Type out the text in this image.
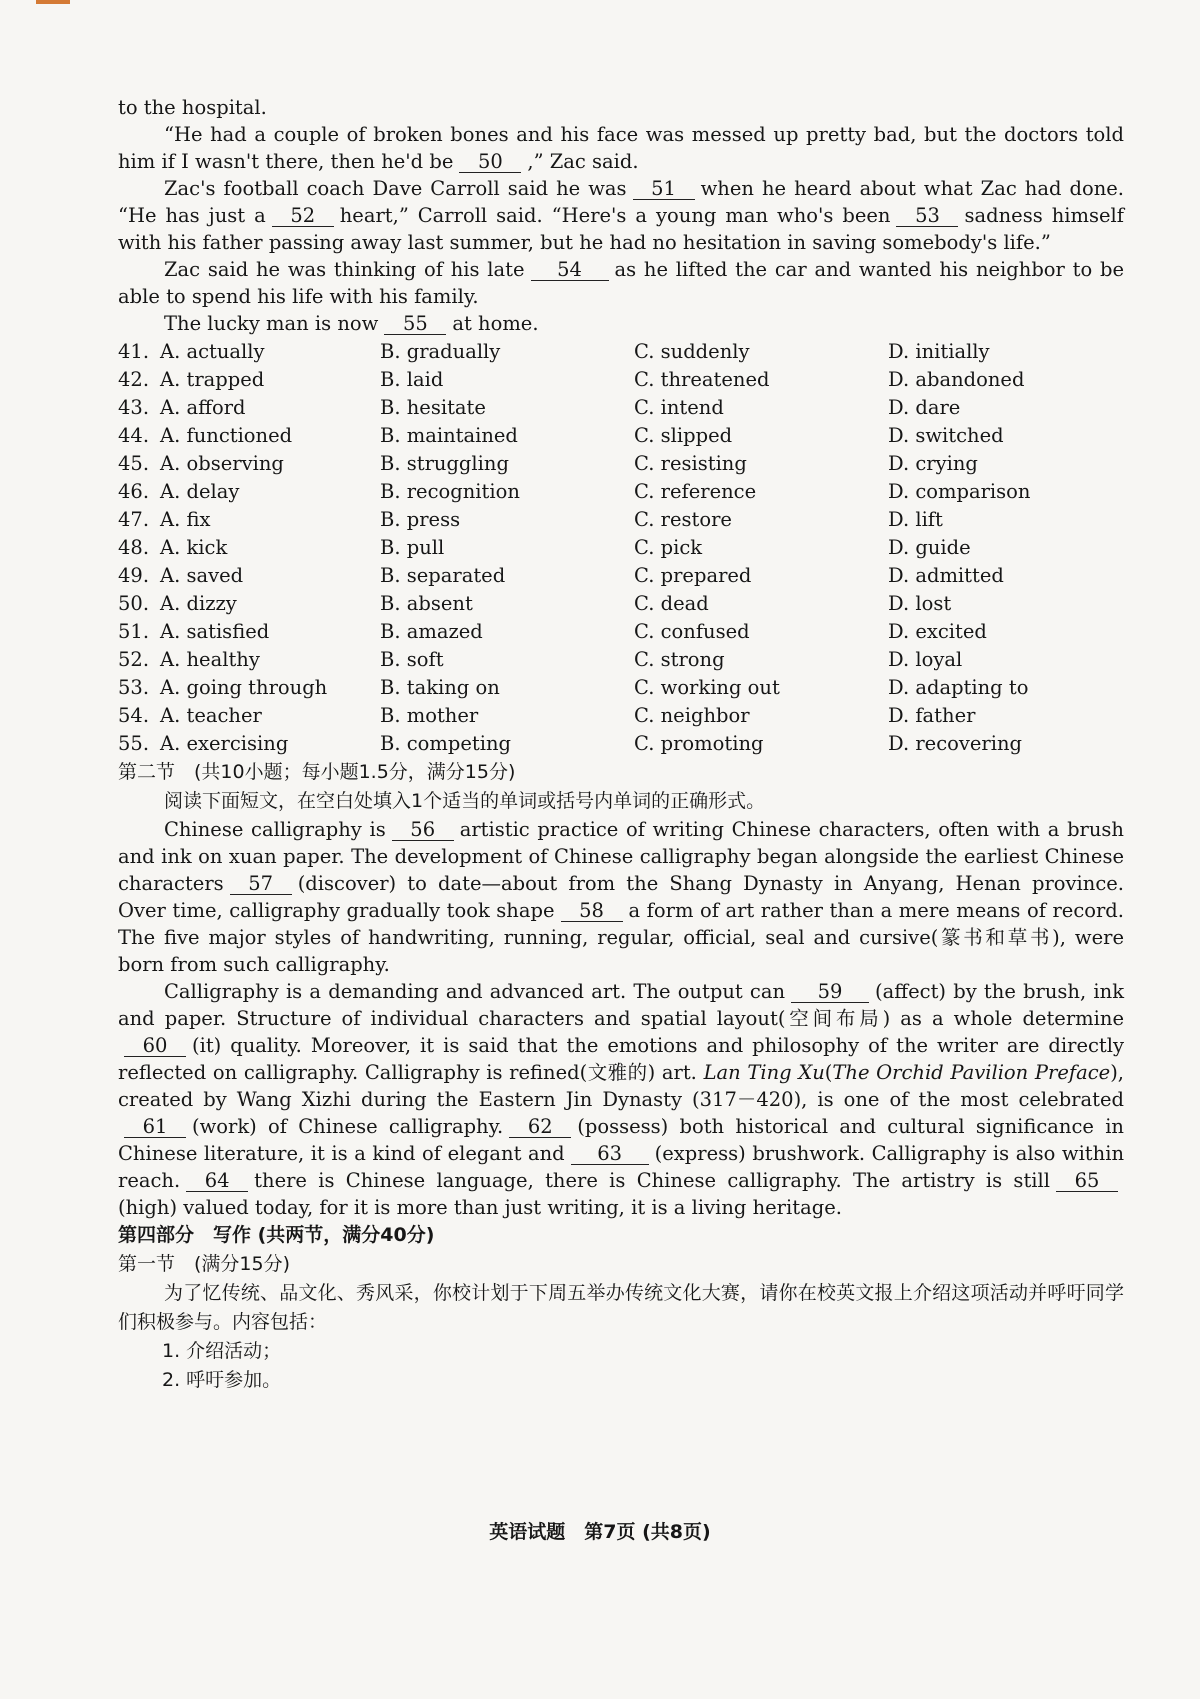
to the hospital.

“He had a couple of broken bones and his face was messed up pretty bad, but the doctors told him if I wasn't there, then he'd be 50 ,” Zac said.

Zac's football coach Dave Carroll said he was 51 when he heard about what Zac had done. “He has just a 52 heart,” Carroll said. “Here's a young man who's been 53 sadness himself with his father passing away last summer, but he had no hesitation in saving somebody's life.”

Zac said he was thinking of his late 54 as he lifted the car and wanted his neighbor to be able to spend his life with his family.

The lucky man is now 55 at home.

41. A. actually	B. gradually	C. suddenly	D. initially
42. A. trapped	B. laid	C. threatened	D. abandoned
43. A. afford	B. hesitate	C. intend	D. dare
44. A. functioned	B. maintained	C. slipped	D. switched
45. A. observing	B. struggling	C. resisting	D. crying
46. A. delay	B. recognition	C. reference	D. comparison
47. A. fix	B. press	C. restore	D. lift
48. A. kick	B. pull	C. pick	D. guide
49. A. saved	B. separated	C. prepared	D. admitted
50. A. dizzy	B. absent	C. dead	D. lost
51. A. satisfied	B. amazed	C. confused	D. excited
52. A. healthy	B. soft	C. strong	D. loyal
53. A. going through	B. taking on	C. working out	D. adapting to
54. A. teacher	B. mother	C. neighbor	D. father
55. A. exercising	B. competing	C. promoting	D. recovering

第二节　(共10小题；每小题1.5分，满分15分)

阅读下面短文，在空白处填入1个适当的单词或括号内单词的正确形式。

Chinese calligraphy is 56 artistic practice of writing Chinese characters, often with a brush and ink on xuan paper. The development of Chinese calligraphy began alongside the earliest Chinese characters 57 (discover) to date—about from the Shang Dynasty in Anyang, Henan province. Over time, calligraphy gradually took shape 58 a form of art rather than a mere means of record. The five major styles of handwriting, running, regular, official, seal and cursive(篆书和草书), were born from such calligraphy.

Calligraphy is a demanding and advanced art. The output can 59 (affect) by the brush, ink and paper. Structure of individual characters and spatial layout(空间布局) as a whole determine60 (it) quality. Moreover, it is said that the emotions and philosophy of the writer are directly reflected on calligraphy. Calligraphy is refined(文雅的) art. Lan Ting Xu(The Orchid Pavilion Preface), created by Wang Xizhi during the Eastern Jin Dynasty (317－420), is one of the most celebrated61 (work) of Chinese calligraphy. 62 (possess) both historical and cultural significance in Chinese literature, it is a kind of elegant and 63 (express) brushwork. Calligraphy is also within reach. 64 there is Chinese language, there is Chinese calligraphy. The artistry is still 65(high) valued today, for it is more than just writing, it is a living heritage.

第四部分　写作 (共两节，满分40分)

第一节　(满分15分)

为了忆传统、品文化、秀风采，你校计划于下周五举办传统文化大赛，请你在校英文报上介绍这项活动并呼吁同学们积极参与。内容包括：

1. 介绍活动；

2. 呼吁参加。

英语试题　第7页 (共8页)
